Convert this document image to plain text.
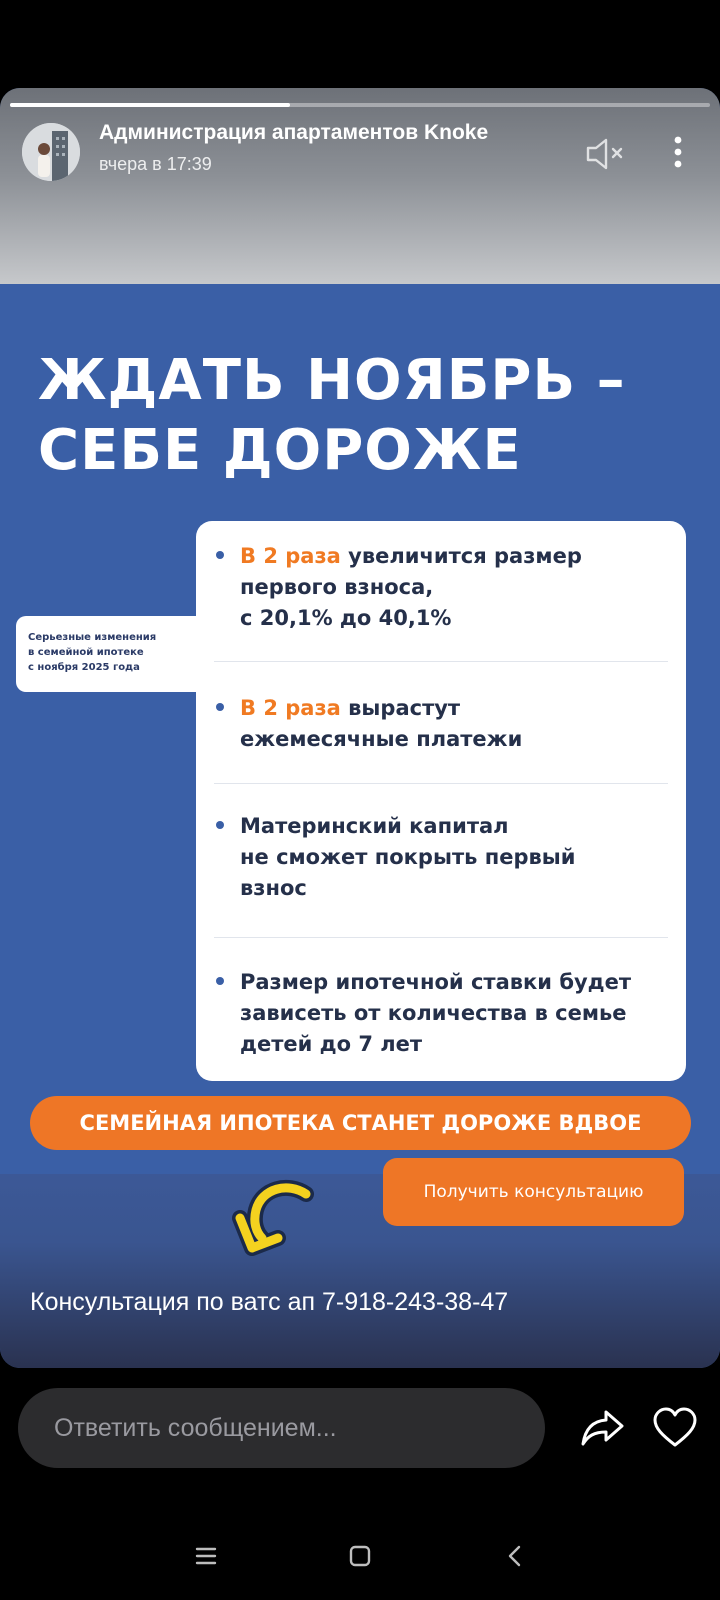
Администрация апартаментов Knoke
вчера в 17:39
ЖДАТЬ НОЯБРЬ –
СЕБЕ ДОРОЖЕ
Серьезные изменения
в семейной ипотеке
с ноября 2025 года
В 2 раза увеличится размер
первого взноса,
с 20,1% до 40,1%
В 2 раза вырастут
ежемесячные платежи
Материнский капитал
не сможет покрыть первый
взнос
Размер ипотечной ставки будет
зависеть от количества в семье
детей до 7 лет
СЕМЕЙНАЯ ИПОТЕКА СТАНЕТ ДОРОЖЕ ВДВОЕ
Получить консультацию
Консультация по ватс ап 7-918-243-38-47
Ответить сообщением...
